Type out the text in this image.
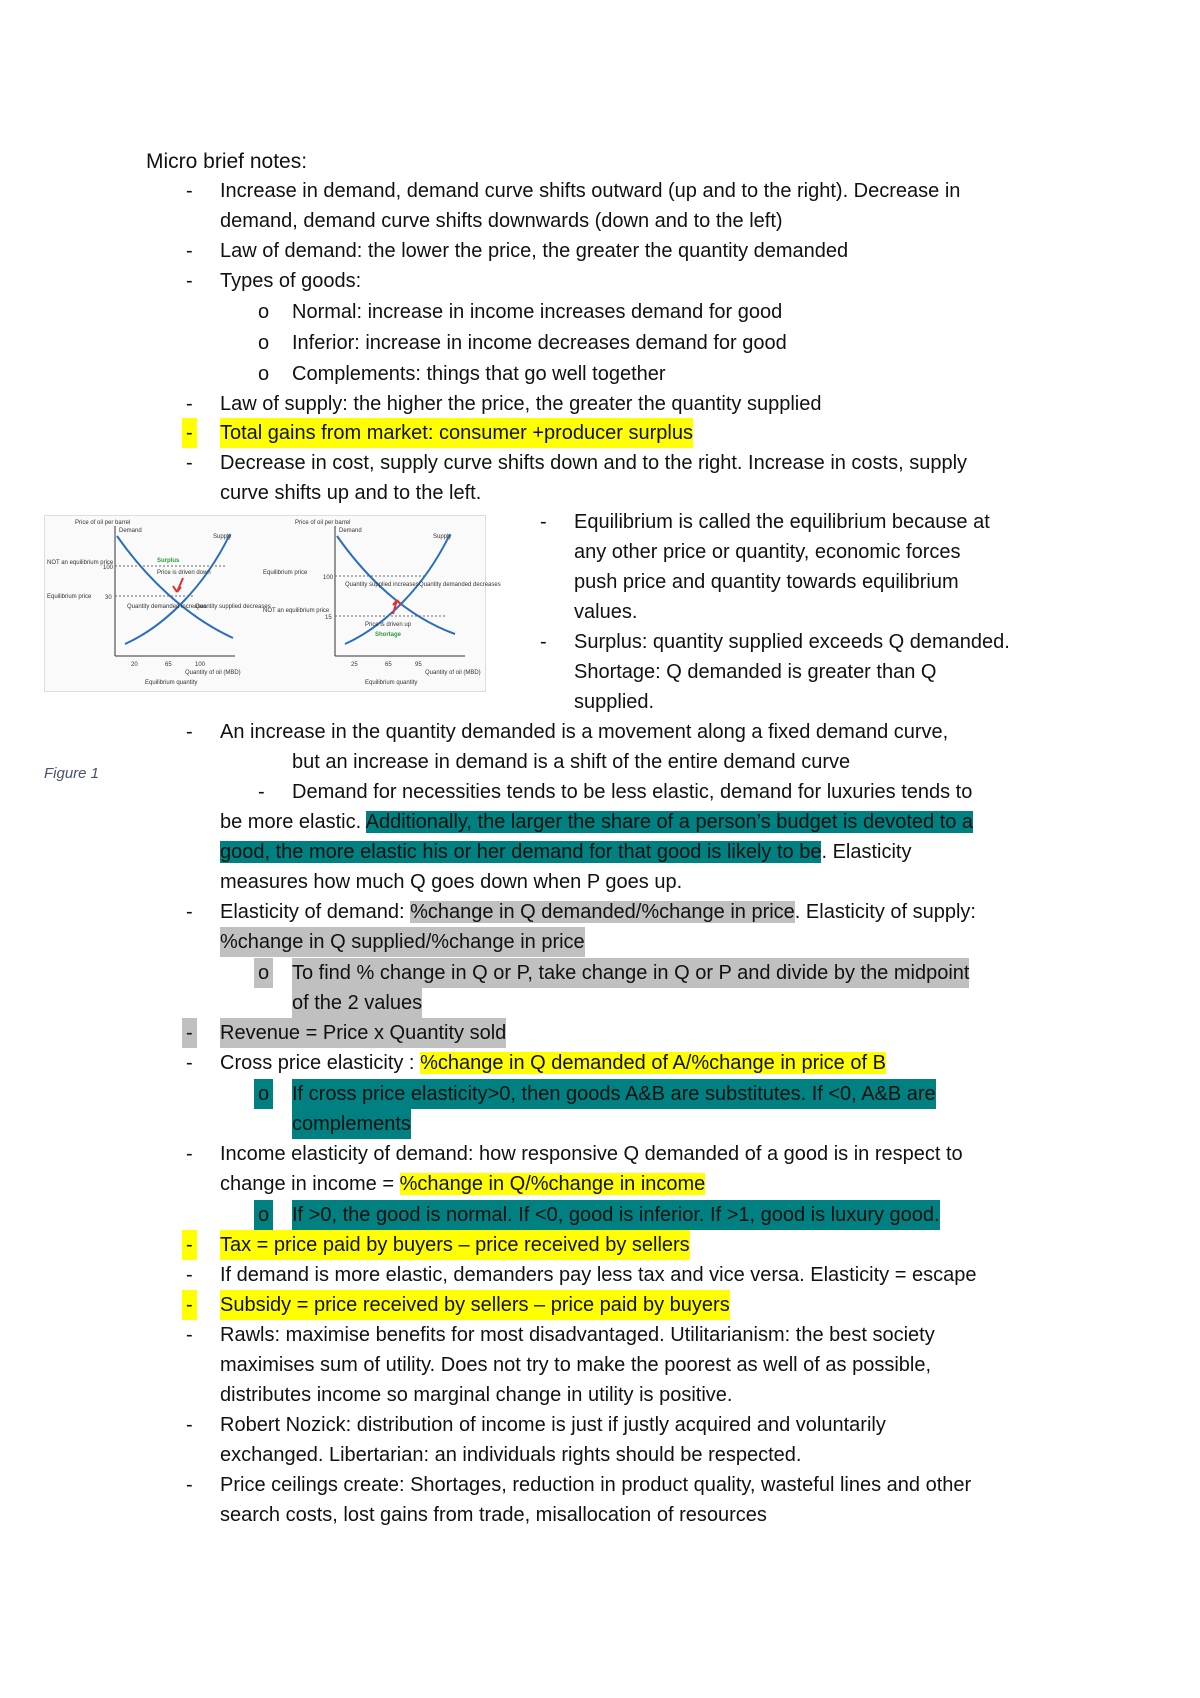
Micro brief notes:
- Increase in demand, demand curve shifts outward (up and to the right). Decrease in
demand, demand curve shifts downwards (down and to the left)
- Law of demand: the lower the price, the greater the quantity demanded
- Types of goods:
o Normal: increase in income increases demand for good
o Inferior: increase in income decreases demand for good
o Complements: things that go well together
- Law of supply: the higher the price, the greater the quantity supplied
- Total gains from market: consumer +producer surplus
- Decrease in cost, supply curve shifts down and to the right. Increase in costs, supply
curve shifts up and to the left.
Price of oil per barrel
Demand
Supply
Surplus
Price is driven down
NOT an equilibrium price
100
Equilibrium price 30
Quantity demanded increases
Quantity supplied decreases
20	65	100
Quantity of oil (MBD)
Equilibrium quantity
Price of oil per barrel
Demand
Supply
Equilibrium price
100
NOT an equilibrium price
15
Quantity supplied increases Quantity demanded decreases
Price is driven up
Shortage
25	65	95
Quantity of oil (MBD)
Equilibrium quantity
- Equilibrium is called the equilibrium because at
any other price or quantity, economic forces
push price and quantity towards equilibrium
values.
- Surplus: quantity supplied exceeds Q demanded.
Shortage: Q demanded is greater than Q
supplied.
Figure 1
- An increase in the quantity demanded is a movement along a fixed demand curve,
but an increase in demand is a shift of the entire demand curve
- Demand for necessities tends to be less elastic, demand for luxuries tends to
be more elastic. Additionally, the larger the share of a person’s budget is devoted to a
good, the more elastic his or her demand for that good is likely to be. Elasticity
measures how much Q goes down when P goes up.
- Elasticity of demand: %change in Q demanded/%change in price. Elasticity of supply:
%change in Q supplied/%change in price
o To find % change in Q or P, take change in Q or P and divide by the midpoint
of the 2 values
- Revenue = Price x Quantity sold
- Cross price elasticity : %change in Q demanded of A/%change in price of B
o If cross price elasticity>0, then goods A&B are substitutes. If <0, A&B are
complements
- Income elasticity of demand: how responsive Q demanded of a good is in respect to
change in income = %change in Q/%change in income
o If >0, the good is normal. If <0, good is inferior. If >1, good is luxury good.
- Tax = price paid by buyers – price received by sellers
- If demand is more elastic, demanders pay less tax and vice versa. Elasticity = escape
- Subsidy = price received by sellers – price paid by buyers
- Rawls: maximise benefits for most disadvantaged. Utilitarianism: the best society
maximises sum of utility. Does not try to make the poorest as well of as possible,
distributes income so marginal change in utility is positive.
- Robert Nozick: distribution of income is just if justly acquired and voluntarily
exchanged. Libertarian: an individuals rights should be respected.
- Price ceilings create: Shortages, reduction in product quality, wasteful lines and other
search costs, lost gains from trade, misallocation of resources
